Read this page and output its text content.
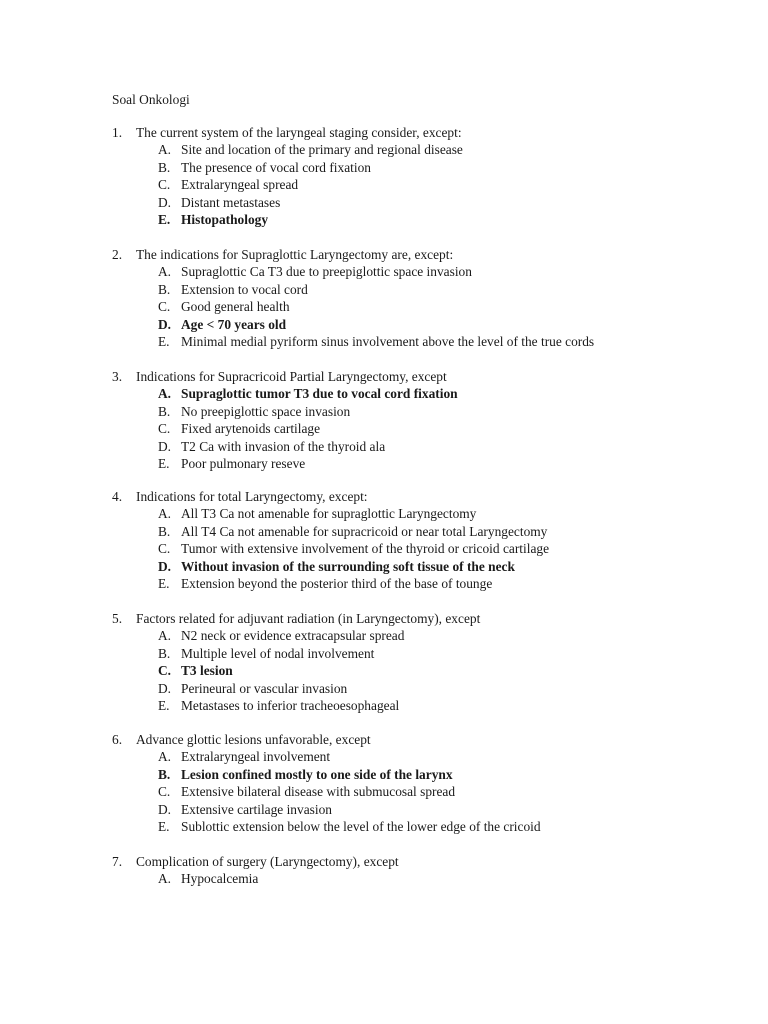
Soal Onkologi
1. The current system of the laryngeal staging consider, except:
A. Site and location of the primary and regional disease
B. The presence of vocal cord fixation
C. Extralaryngeal spread
D. Distant metastases
E. Histopathology
2. The indications for Supraglottic Laryngectomy are, except:
A. Supraglottic Ca T3 due to preepiglottic space invasion
B. Extension to vocal cord
C. Good general health
D. Age < 70 years old
E. Minimal medial pyriform sinus involvement above the level of the true cords
3. Indications for Supracricoid Partial Laryngectomy, except
A. Supraglottic tumor T3 due to vocal cord fixation
B. No preepiglottic space invasion
C. Fixed arytenoids cartilage
D. T2 Ca with invasion of the thyroid ala
E. Poor pulmonary reseve
4. Indications for total Laryngectomy, except:
A. All T3 Ca not amenable for supraglottic Laryngectomy
B. All T4 Ca not amenable for supracricoid or near total Laryngectomy
C. Tumor with extensive involvement of the thyroid or cricoid cartilage
D. Without invasion of the surrounding soft tissue of the neck
E. Extension beyond the posterior third of the base of tounge
5. Factors related for adjuvant radiation (in Laryngectomy), except
A. N2 neck or evidence extracapsular spread
B. Multiple level of nodal involvement
C. T3 lesion
D. Perineural or vascular invasion
E. Metastases to inferior tracheoesophageal
6. Advance glottic lesions unfavorable, except
A. Extralaryngeal involvement
B. Lesion confined mostly to one side of the larynx
C. Extensive bilateral disease with submucosal spread
D. Extensive cartilage invasion
E. Sublottic extension below the level of the lower edge of the cricoid
7. Complication of surgery (Laryngectomy), except
A. Hypocalcemia
